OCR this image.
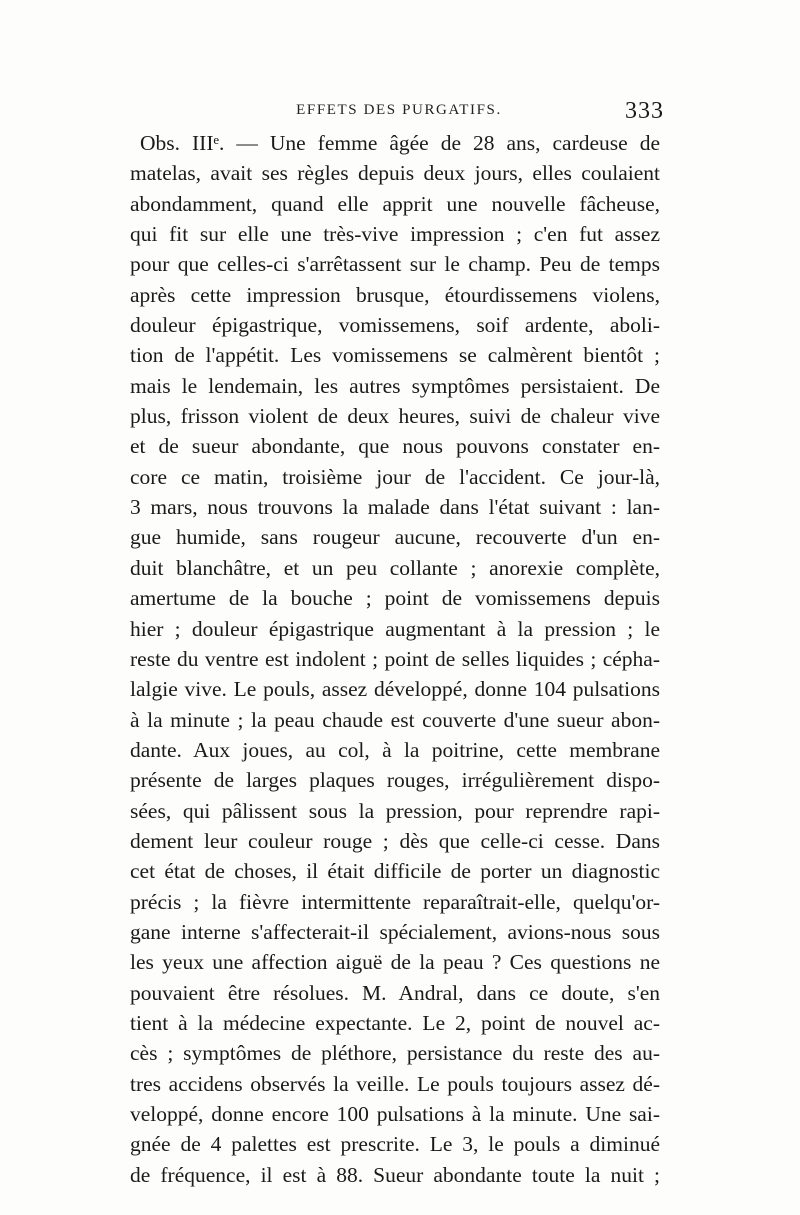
EFFETS DES PURGATIFS.	333
Obs. IIIᵉ. — Une femme âgée de 28 ans, cardeuse de
matelas, avait ses règles depuis deux jours, elles coulaient
abondamment, quand elle apprit une nouvelle fâcheuse,
qui fit sur elle une très-vive impression ; c'en fut assez
pour que celles-ci s'arrêtassent sur le champ. Peu de temps
après cette impression brusque, étourdissemens violens,
douleur épigastrique, vomissemens, soif ardente, aboli-
tion de l'appétit. Les vomissemens se calmèrent bientôt ;
mais le lendemain, les autres symptômes persistaient. De
plus, frisson violent de deux heures, suivi de chaleur vive
et de sueur abondante, que nous pouvons constater en-
core ce matin, troisième jour de l'accident. Ce jour-là,
3 mars, nous trouvons la malade dans l'état suivant : lan-
gue humide, sans rougeur aucune, recouverte d'un en-
duit blanchâtre, et un peu collante ; anorexie complète,
amertume de la bouche ; point de vomissemens depuis
hier ; douleur épigastrique augmentant à la pression ; le
reste du ventre est indolent ; point de selles liquides ; cépha-
lalgie vive. Le pouls, assez développé, donne 104 pulsations
à la minute ; la peau chaude est couverte d'une sueur abon-
dante. Aux joues, au col, à la poitrine, cette membrane
présente de larges plaques rouges, irrégulièrement dispo-
sées, qui pâlissent sous la pression, pour reprendre rapi-
dement leur couleur rouge ; dès que celle-ci cesse. Dans
cet état de choses, il était difficile de porter un diagnostic
précis ; la fièvre intermittente reparaîtrait-elle, quelqu'or-
gane interne s'affecterait-il spécialement, avions-nous sous
les yeux une affection aiguë de la peau ? Ces questions ne
pouvaient être résolues. M. Andral, dans ce doute, s'en
tient à la médecine expectante. Le 2, point de nouvel ac-
cès ; symptômes de pléthore, persistance du reste des au-
tres accidens observés la veille. Le pouls toujours assez dé-
veloppé, donne encore 100 pulsations à la minute. Une sai-
gnée de 4 palettes est prescrite. Le 3, le pouls a diminué
de fréquence, il est à 88. Sueur abondante toute la nuit ;
